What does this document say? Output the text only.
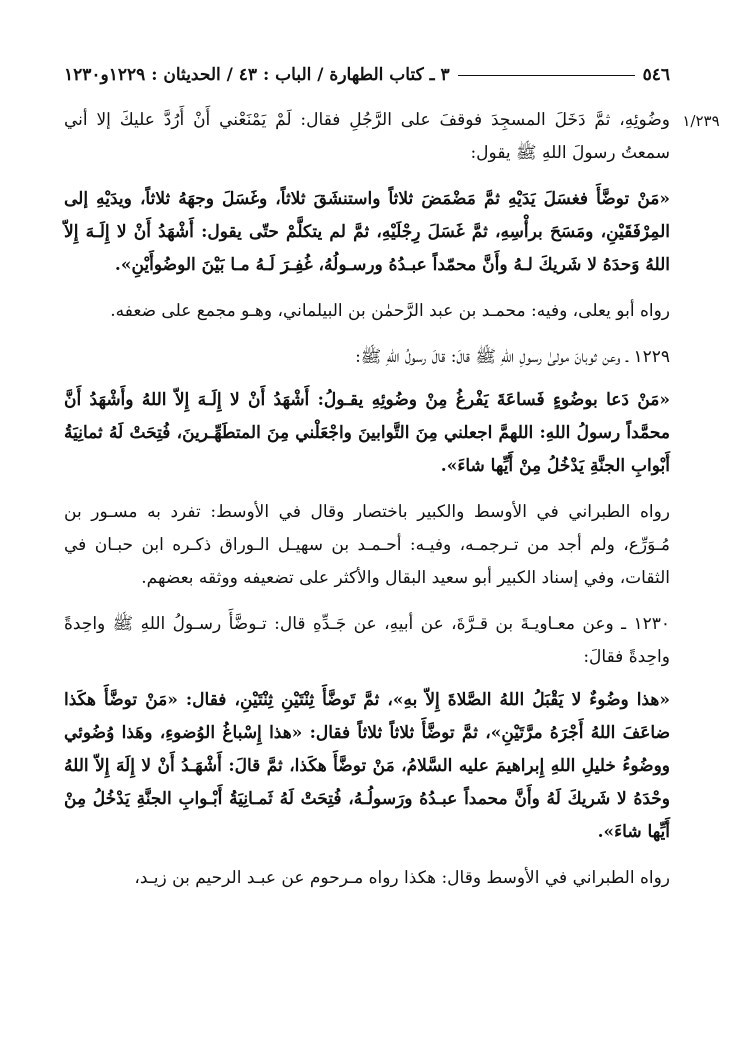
٥٤٦
٣ ـ كتاب الطهارة / الباب : ٤٣ / الحديثان : ١٢٢٩و١٢٣٠
١/٢٣٩

وضُوئِهِ، ثمَّ دَخَلَ المسجِدَ فوقفَ على الرَّجُلِ فقال: لَمْ يَمْنَعْني أَنْ أَرُدَّ عليكَ إلا أني سمعتُ رسولَ اللهِ ﷺ يقول:

«مَنْ توضَّأَ فغسَلَ يَدَيْهِ ثمَّ مَضْمَضَ ثلاثاً واستنشَقَ ثلاثاً، وغَسَلَ وجهَهُ ثلاثاً، ويدَيْهِ إلى المِرْفَقَيْنِ، ومَسَحَ برأْسِهِ، ثمَّ غَسَلَ رِجْلَيْهِ، ثمَّ لم يتكلَّمْ حتّى يقول: أَشْهَدُ أَنْ لا إِلَـهَ إِلاّ اللهُ وَحدَهُ لا شَريكَ لـهُ وأَنَّ محمّداً عبـدُهُ ورسـولُهُ، غُفِـرَ لَـهُ مـا بَيْنَ الوضُوأَيْنِ».

رواه أبو يعلى، وفيه: محمـد بن عبد الرَّحمٰن بن البيلماني، وهـو مجمع على ضعفه.

١٢٢٩ ـ وعن ثوبانَ مولىٰ رسولِ اللهِ ﷺ قالَ: قالَ رسولُ اللهِ ﷺ:

«مَنْ دَعا بوضُوءٍ فَساعَةَ يَفْرغُ مِنْ وضُوئِهِ يقـولُ: أَشْهَدُ أَنْ لا إِلَـهَ إِلاّ اللهُ وأَشْهَدُ أَنَّ محمَّداً رسولُ اللهِ: اللهمَّ اجعلني مِنَ التَّوابينَ واجْعَلْني مِنَ المتطَهِّـرينَ، فُتِحَتْ لَهُ ثمانِيَةُ أَبْوابِ الجنَّةِ يَدْخُلُ مِنْ أَيِّها شاءَ».

رواه الطبراني في الأوسط والكبير باختصار وقال في الأوسط: تفرد به مسـور بن مُـوَرِّع، ولم أجد من تـرجمـه، وفيـه: أحـمـد بن سهيـل الـوراق ذكـره ابن حبـان في الثقات، وفي إسناد الكبير أبو سعيد البقال والأكثر على تضعيفه ووثقه بعضهم.

١٢٣٠ ـ وعن معـاويـةَ بن قـرَّةَ، عن أبيهِ، عن جَـدِّهِ قال: تـوضَّأَ رسـولُ اللهِ ﷺ واحِدةً واحِدةً فقالَ:

«هذا وضُوءٌ لا يَقْبَلُ اللهُ الصَّلاةَ إِلاّ بهِ»، ثمَّ تَوضَّأَ ثِنْتَيْنِ ثِنْتَيْنِ، فقال: «مَنْ توضَّأَ هكَذا ضاعَفَ اللهُ أَجْرَهُ مرَّتَيْنِ»، ثمَّ توضَّأَ ثلاثاً ثلاثاً فقال: «هذا إِسْباغُ الوُضوءِ، وهَذا وُضُوئي ووضُوءُ خليلِ اللهِ إِبراهيمَ عليه السَّلامُ، مَنْ توضَّأَ هكَذا، ثمَّ قالَ: أَشْهَـدُ أَنْ لا إِلَهَ إِلاّ اللهُ وحْدَهُ لا شَريكَ لَهُ وأَنَّ محمداً عبـدُهُ ورَسولُـهُ، فُتِحَتْ لَهُ ثَمـانِيَةُ أَبْـوابِ الجنَّةِ يَدْخُلُ مِنْ أَيِّها شاءَ».

رواه الطبراني في الأوسط وقال: هكذا رواه مـرحوم عن عبـد الرحيم بن زيـد،
